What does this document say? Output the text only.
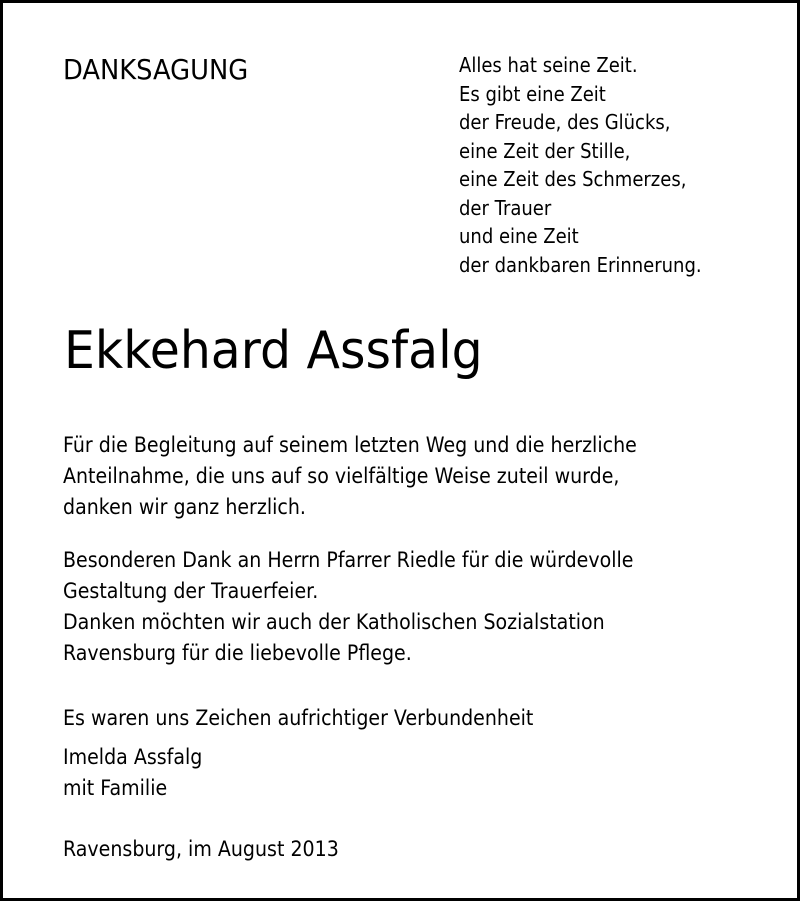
DANKSAGUNG	Alles hat seine Zeit.
Es gibt eine Zeit
der Freude, des Glücks,
eine Zeit der Stille,
eine Zeit des Schmerzes,
der Trauer
und eine Zeit
der dankbaren Erinnerung.
Ekkehard Assfalg
Für die Begleitung auf seinem letzten Weg und die herzliche
Anteilnahme, die uns auf so vielfältige Weise zuteil wurde,
danken wir ganz herzlich.
Besonderen Dank an Herrn Pfarrer Riedle für die würdevolle
Gestaltung der Trauerfeier.
Danken möchten wir auch der Katholischen Sozialstation
Ravensburg für die liebevolle Pflege.
Es waren uns Zeichen aufrichtiger Verbundenheit
Imelda Assfalg
mit Familie
Ravensburg, im August 2013
